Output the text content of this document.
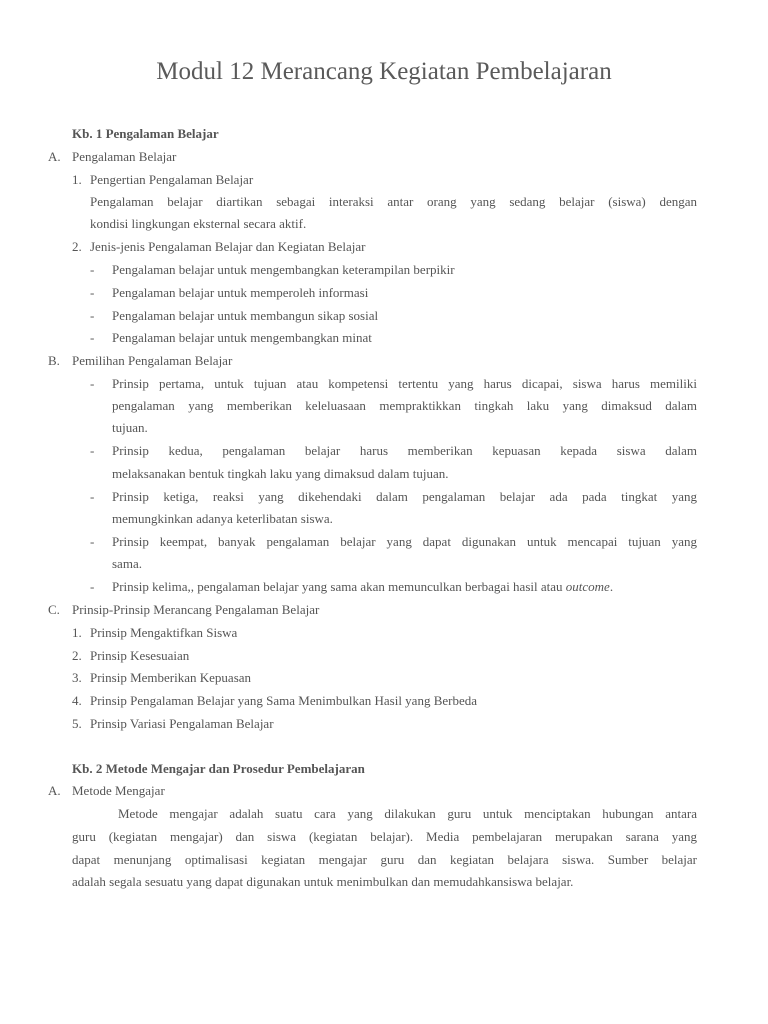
Modul 12 Merancang Kegiatan Pembelajaran
Kb. 1 Pengalaman Belajar
A. Pengalaman Belajar
1. Pengertian Pengalaman Belajar
Pengalaman belajar diartikan sebagai interaksi antar orang yang sedang belajar (siswa) dengan
kondisi lingkungan eksternal secara aktif.
2. Jenis-jenis Pengalaman Belajar dan Kegiatan Belajar
- Pengalaman belajar untuk mengembangkan keterampilan berpikir
- Pengalaman belajar untuk memperoleh informasi
- Pengalaman belajar untuk membangun sikap sosial
- Pengalaman belajar untuk mengembangkan minat
B. Pemilihan Pengalaman Belajar
- Prinsip pertama, untuk tujuan atau kompetensi tertentu yang harus dicapai, siswa harus memiliki
pengalaman yang memberikan keleluasaan mempraktikkan tingkah laku yang dimaksud dalam
tujuan.
- Prinsip kedua, pengalaman belajar harus memberikan kepuasan kepada siswa dalam
melaksanakan bentuk tingkah laku yang dimaksud dalam tujuan.
- Prinsip ketiga, reaksi yang dikehendaki dalam pengalaman belajar ada pada tingkat yang
memungkinkan adanya keterlibatan siswa.
- Prinsip keempat, banyak pengalaman belajar yang dapat digunakan untuk mencapai tujuan yang
sama.
- Prinsip kelima,, pengalaman belajar yang sama akan memunculkan berbagai hasil atau outcome.
C. Prinsip-Prinsip Merancang Pengalaman Belajar
1. Prinsip Mengaktifkan Siswa
2. Prinsip Kesesuaian
3. Prinsip Memberikan Kepuasan
4. Prinsip Pengalaman Belajar yang Sama Menimbulkan Hasil yang Berbeda
5. Prinsip Variasi Pengalaman Belajar
Kb. 2 Metode Mengajar dan Prosedur Pembelajaran
A. Metode Mengajar
Metode mengajar adalah suatu cara yang dilakukan guru untuk menciptakan hubungan antara
guru (kegiatan mengajar) dan siswa (kegiatan belajar). Media pembelajaran merupakan sarana yang
dapat menunjang optimalisasi kegiatan mengajar guru dan kegiatan belajara siswa. Sumber belajar
adalah segala sesuatu yang dapat digunakan untuk menimbulkan dan memudahkansiswa belajar.
